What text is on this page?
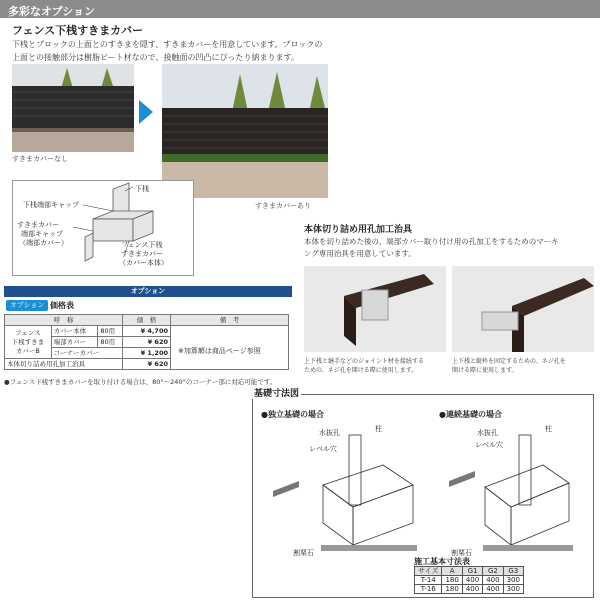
多彩なオプション
フェンス下桟すきまカバー
下桟とブロックの上面とのすきまを隠す、すきまカバーを用意しています。ブロックの
上面との接触部分は樹脂ピート材なので、接触面の凹凸にぴったり納まります。
すきまカバーなし
すきまカバーあり
下桟
下桟端部キャップ
すきまカバー
端部キャップ
（端部カバー）	フェンス下桟
すきまカバー
（カバー本体）
オプション
オプション 価格表
呼　称			価　格	備　考

フェンス
下桟すきま
カバーB	カバー本体	80用	¥ 4,700	
	端部カバー	80用	¥ 620	
	コーナーカバー		¥ 1,200	
本体切り詰め用孔加工治具			¥ 620	
※加算額は商品ページ参照
●フェンス下桟すきまカバーを取り付ける場合は、80°～240°のコーナー部に対応可能です。
本体切り詰め用孔加工治具
本体を切り詰めた後の、端部カバー取り付け用の孔加工をするためのマーキ
ング専用治具を用意しています。
上下桟と継手などのジョイント材を接続する
ための、ネジ孔を開ける際に使用します。
上下桟と縦枠を固定するための、ネジ孔を
開ける際に使用します。
●独立基礎の場合	●連続基礎の場合
水抜孔	柱
レベル穴
割栗石
水抜孔	柱
レベル穴
割栗石
道路側
道路側
基礎寸法図
施工基本寸法表
サイズ	A	G1	G2	G3
T-14	180	400	400	300
T-16	180	400	400	300
